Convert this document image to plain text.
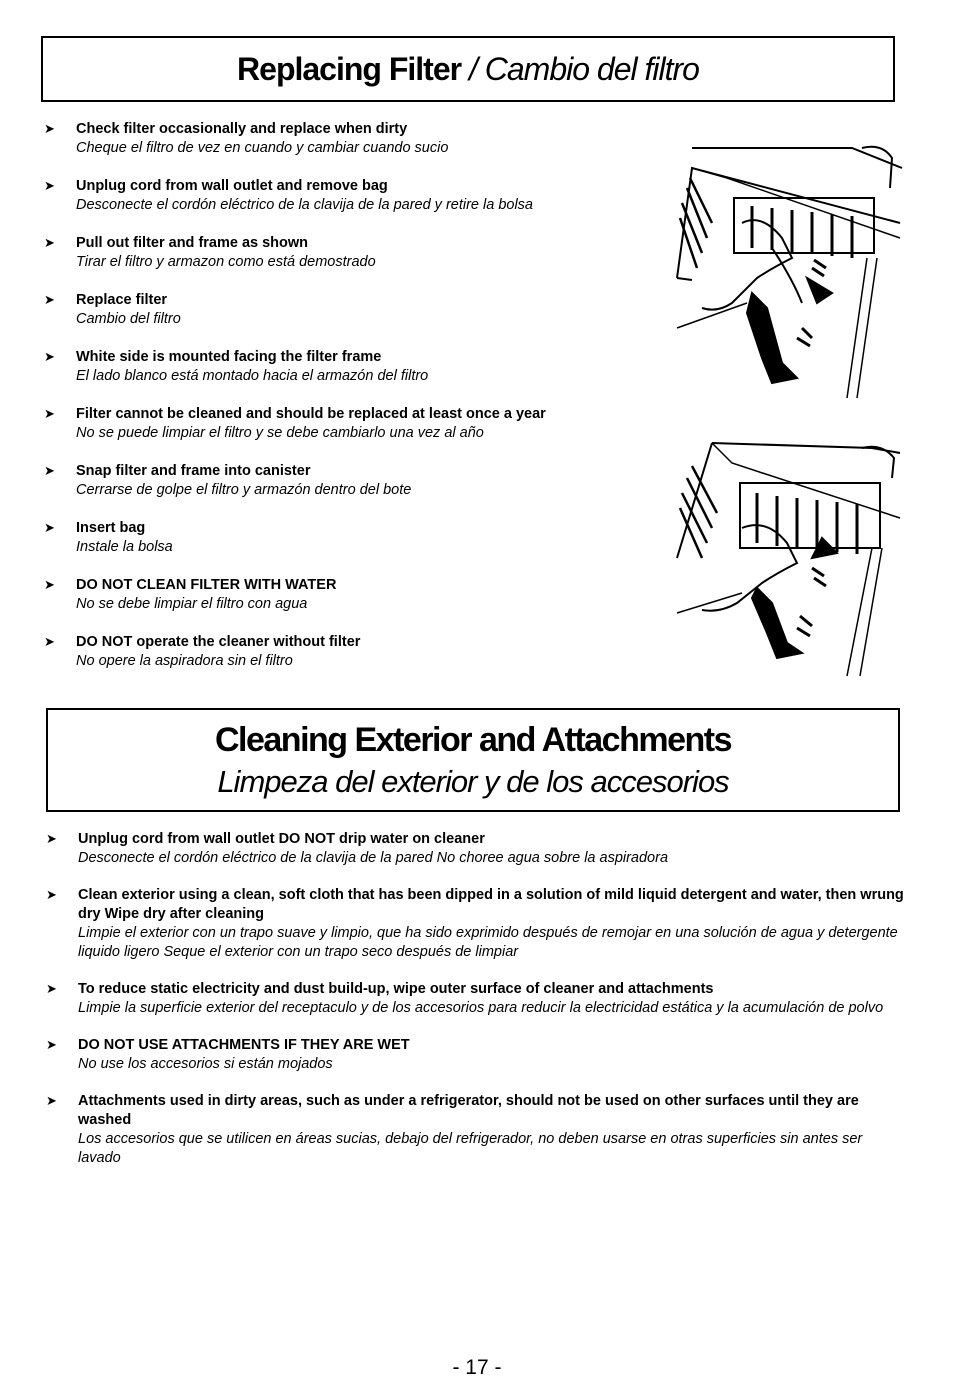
Replacing Filter / Cambio del filtro
➤ Check filter occasionally and replace when dirty
Cheque el filtro de vez en cuando y cambiar cuando sucio
➤ Unplug cord from wall outlet and remove bag
Desconecte el cordón eléctrico de la clavija de la pared y retire la bolsa
➤ Pull out filter and frame as shown
Tirar el filtro y armazon como está demostrado
➤ Replace filter
Cambio del filtro
➤ White side is mounted facing the filter frame
El lado blanco está montado hacia el armazón del filtro
➤ Filter cannot be cleaned and should be replaced at least once a year
No se puede limpiar el filtro y se debe cambiarlo una vez al año
➤ Snap filter and frame into canister
Cerrarse de golpe el filtro y armazón dentro del bote
➤ Insert bag
Instale la bolsa
➤ DO NOT CLEAN FILTER WITH WATER
No se debe limpiar el filtro con agua
➤ DO NOT operate the cleaner without filter
No opere la aspiradora sin el filtro
Cleaning Exterior and Attachments
Limpeza del exterior y de los accesorios
➤ Unplug cord from wall outlet DO NOT drip water on cleaner
Desconecte el cordón eléctrico de la clavija de la pared No choree agua sobre la aspiradora
➤ Clean exterior using a clean, soft cloth that has been dipped in a solution of mild liquid detergent and water, then wrung dry Wipe dry after cleaning
Limpie el exterior con un trapo suave y limpio, que ha sido exprimido después de remojar en una solución de agua y detergente liquido ligero Seque el exterior con un trapo seco después de limpiar
➤ To reduce static electricity and dust build-up, wipe outer surface of cleaner and attachments
Limpie la superficie exterior del receptaculo y de los accesorios para reducir la electricidad estática y la acumulación de polvo
➤ DO NOT USE ATTACHMENTS IF THEY ARE WET
No use los accesorios si están mojados
➤ Attachments used in dirty areas, such as under a refrigerator, should not be used on other surfaces until they are washed
Los accesorios que se utilicen en áreas sucias, debajo del refrigerador, no deben usarse en otras superficies sin antes ser lavado
- 17 -
